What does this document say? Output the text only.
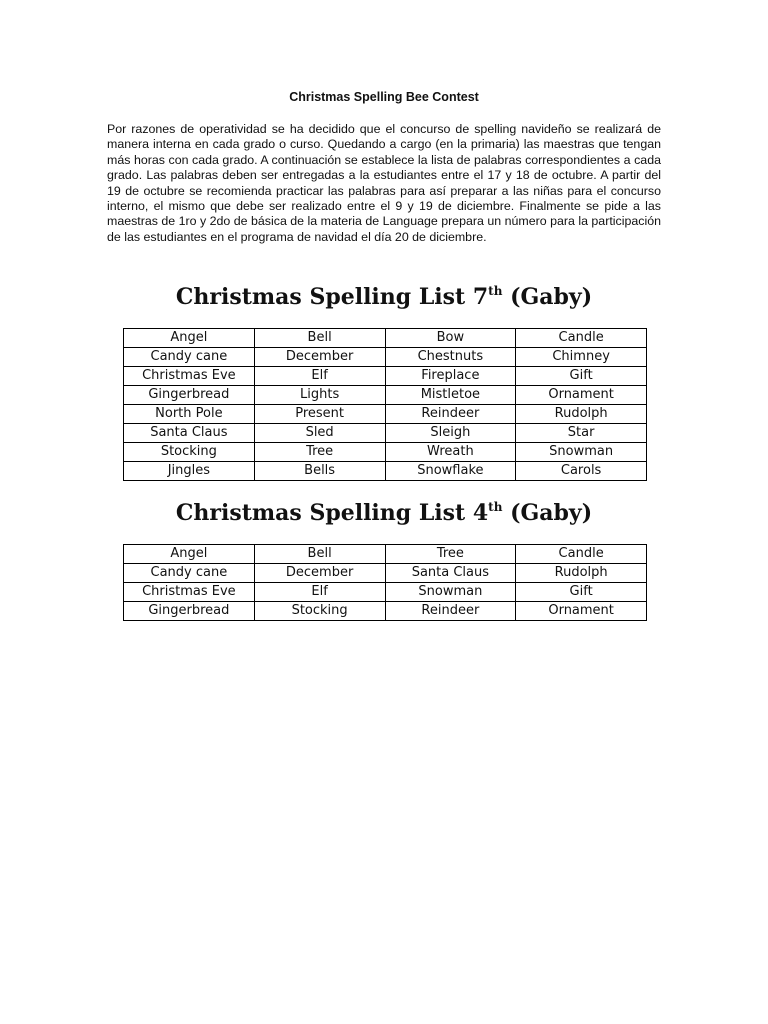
Christmas Spelling Bee Contest

Por razones de operatividad se ha decidido que el concurso de spelling navideño se realizará de manera interna en cada grado o curso. Quedando a cargo (en la primaria) las maestras que tengan más horas con cada grado. A continuación se establece la lista de palabras correspondientes a cada grado. Las palabras deben ser entregadas a la estudiantes entre el 17 y 18 de octubre. A partir del 19 de octubre se recomienda practicar las palabras para así preparar a las niñas para el concurso interno, el mismo que debe ser realizado entre el 9 y 19 de diciembre. Finalmente se pide a las maestras de 1ro y 2do de básica de la materia de Language prepara un número para la participación de las estudiantes en el programa de navidad el día 20 de diciembre.

Christmas Spelling List 7th (Gaby)
Angel	Bell	Bow	Candle
Candy cane	December	Chestnuts	Chimney
Christmas Eve	Elf	Fireplace	Gift
Gingerbread	Lights	Mistletoe	Ornament
North Pole	Present	Reindeer	Rudolph
Santa Claus	Sled	Sleigh	Star
Stocking	Tree	Wreath	Snowman
Jingles	Bells	Snowflake	Carols
Christmas Spelling List 4th (Gaby)
Angel	Bell	Tree	Candle
Candy cane	December	Santa Claus	Rudolph
Christmas Eve	Elf	Snowman	Gift
Gingerbread	Stocking	Reindeer	Ornament
